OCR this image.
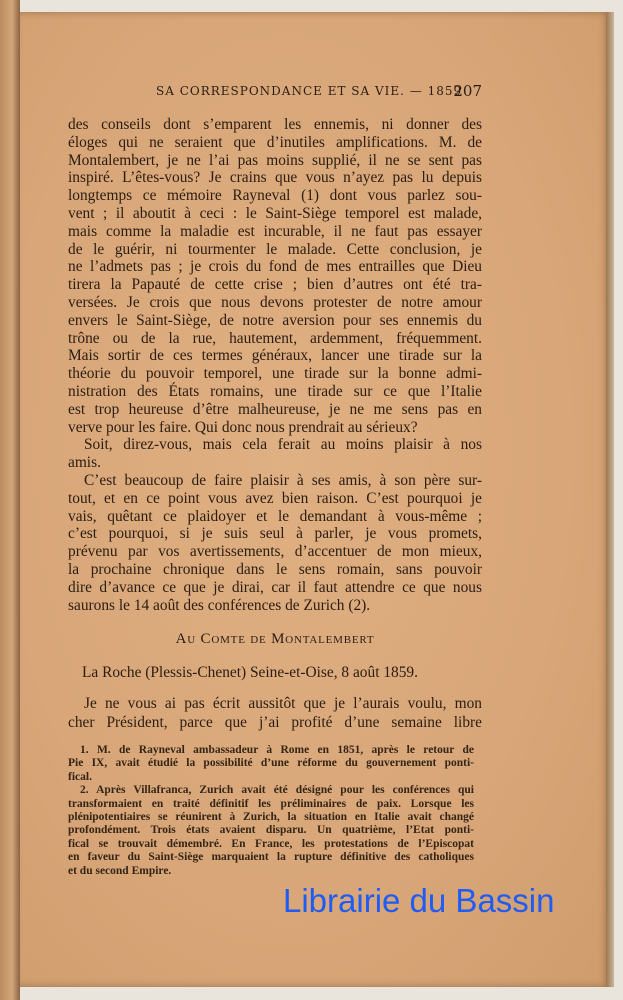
SA CORRESPONDANCE ET SA VIE. — 1859
207
des conseils dont s’emparent les ennemis, ni donner des
éloges qui ne seraient que d’inutiles amplifications. M. de
Montalembert, je ne l’ai pas moins supplié, il ne se sent pas
inspiré. L’êtes-vous? Je crains que vous n’ayez pas lu depuis
longtemps ce mémoire Rayneval (1) dont vous parlez sou-
vent ; il aboutit à ceci : le Saint-Siège temporel est malade,
mais comme la maladie est incurable, il ne faut pas essayer
de le guérir, ni tourmenter le malade. Cette conclusion, je
ne l’admets pas ; je crois du fond de mes entrailles que Dieu
tirera la Papauté de cette crise ; bien d’autres ont été tra-
versées. Je crois que nous devons protester de notre amour
envers le Saint-Siège, de notre aversion pour ses ennemis du
trône ou de la rue, hautement, ardemment, fréquemment.
Mais sortir de ces termes généraux, lancer une tirade sur la
théorie du pouvoir temporel, une tirade sur la bonne admi-
nistration des États romains, une tirade sur ce que l’Italie
est trop heureuse d’être malheureuse, je ne me sens pas en
verve pour les faire. Qui donc nous prendrait au sérieux?
Soit, direz-vous, mais cela ferait au moins plaisir à nos
amis.
C’est beaucoup de faire plaisir à ses amis, à son père sur-
tout, et en ce point vous avez bien raison. C’est pourquoi je
vais, quêtant ce plaidoyer et le demandant à vous-même ;
c’est pourquoi, si je suis seul à parler, je vous promets,
prévenu par vos avertissements, d’accentuer de mon mieux,
la prochaine chronique dans le sens romain, sans pouvoir
dire d’avance ce que je dirai, car il faut attendre ce que nous
saurons le 14 août des conférences de Zurich (2).
Au Comte de Montalembert
La Roche (Plessis-Chenet) Seine-et-Oise, 8 août 1859.
Je ne vous ai pas écrit aussitôt que je l’aurais voulu, mon
cher Président, parce que j’ai profité d’une semaine libre
1. M. de Rayneval ambassadeur à Rome en 1851, après le retour de
Pie IX, avait étudié la possibilité d’une réforme du gouvernement ponti-
fical.
2. Après Villafranca, Zurich avait été désigné pour les conférences qui
transformaient en traité définitif les préliminaires de paix. Lorsque les
plénipotentiaires se réunirent à Zurich, la situation en Italie avait changé
profondément. Trois états avaient disparu. Un quatrième, l’Etat ponti-
fical se trouvait démembré. En France, les protestations de l’Episcopat
en faveur du Saint-Siège marquaient la rupture définitive des catholiques
et du second Empire.
Librairie du Bassin
